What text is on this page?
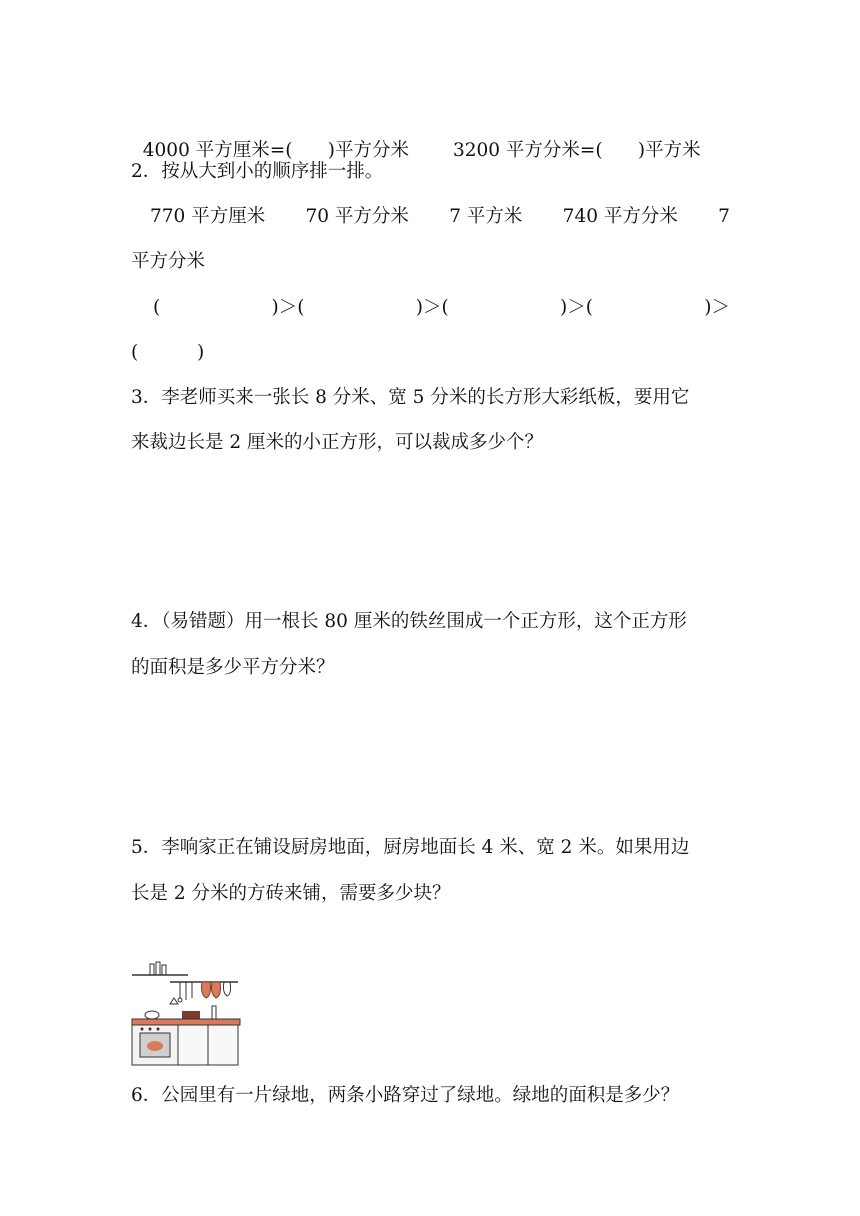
4000 平方厘米=(      )平方分米 3200 平方分米=(      )平方米

2．按从大到小的顺序排一排。
770 平方厘米 70 平方分米 7 平方米 740 平方分米 7
平方分米
(	)＞(	)＞(	)＞(	)＞
(          )
3．李老师买来一张长 8 分米、宽 5 分米的长方形大彩纸板，要用它
来裁边长是 2 厘米的小正方形，可以裁成多少个？
4．（易错题）用一根长 80 厘米的铁丝围成一个正方形，这个正方形
的面积是多少平方分米？
5．李响家正在铺设厨房地面，厨房地面长 4 米、宽 2 米。如果用边
长是 2 分米的方砖来铺，需要多少块？
6．公园里有一片绿地，两条小路穿过了绿地。绿地的面积是多少？
